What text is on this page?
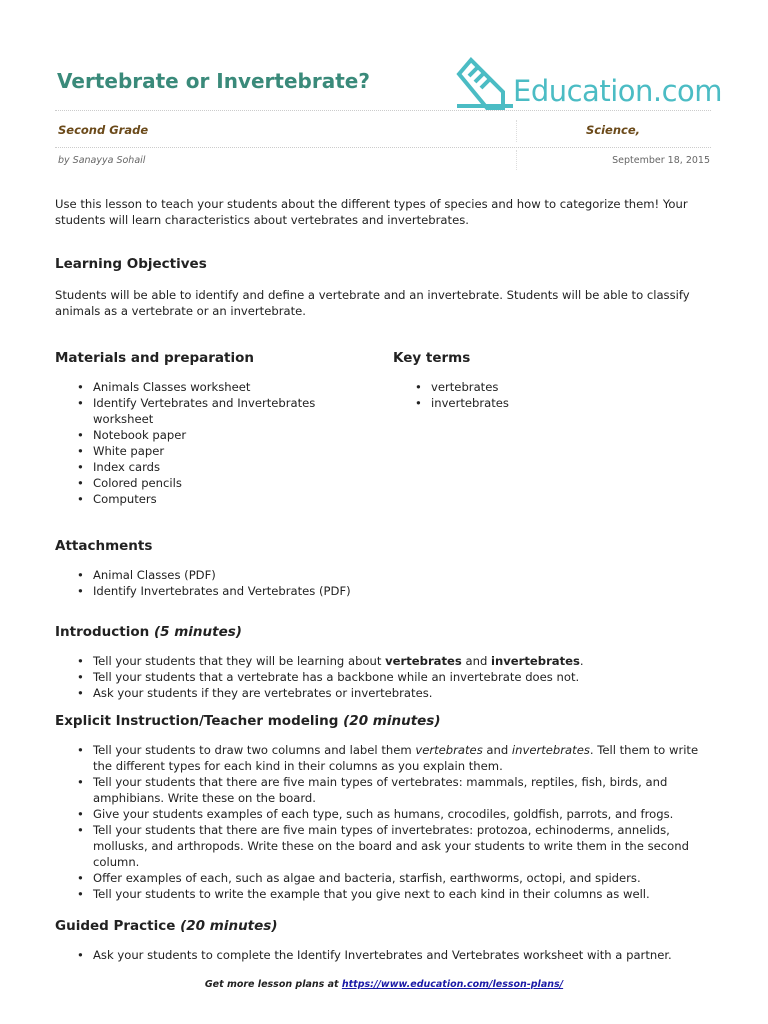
Vertebrate or Invertebrate?	Education.com
Second Grade	Science,
by Sanayya Sohail	September 18, 2015
Use this lesson to teach your students about the different types of species and how to categorize them! Your students will learn characteristics about vertebrates and invertebrates.
Learning Objectives

Students will be able to identify and define a vertebrate and an invertebrate. Students will be able to classify animals as a vertebrate or an invertebrate.

Materials and preparation
• Animals Classes worksheet
• Identify Vertebrates and Invertebrates worksheet
• Notebook paper
• White paper
• Index cards
• Colored pencils
• Computers
Key terms
• vertebrates
• invertebrates
Attachments
• Animal Classes (PDF)
• Identify Invertebrates and Vertebrates (PDF)
Introduction (5 minutes)
• Tell your students that they will be learning about vertebrates and invertebrates.
• Tell your students that a vertebrate has a backbone while an invertebrate does not.
• Ask your students if they are vertebrates or invertebrates.
Explicit Instruction/Teacher modeling (20 minutes)
• Tell your students to draw two columns and label them vertebrates and invertebrates. Tell them to write the different types for each kind in their columns as you explain them.
• Tell your students that there are five main types of vertebrates: mammals, reptiles, fish, birds, and amphibians. Write these on the board.
• Give your students examples of each type, such as humans, crocodiles, goldfish, parrots, and frogs.
• Tell your students that there are five main types of invertebrates: protozoa, echinoderms, annelids, mollusks, and arthropods. Write these on the board and ask your students to write them in the second column.
• Offer examples of each, such as algae and bacteria, starfish, earthworms, octopi, and spiders.
• Tell your students to write the example that you give next to each kind in their columns as well.
Guided Practice (20 minutes)
• Ask your students to complete the Identify Invertebrates and Vertebrates worksheet with a partner.
Get more lesson plans at https://www.education.com/lesson-plans/
